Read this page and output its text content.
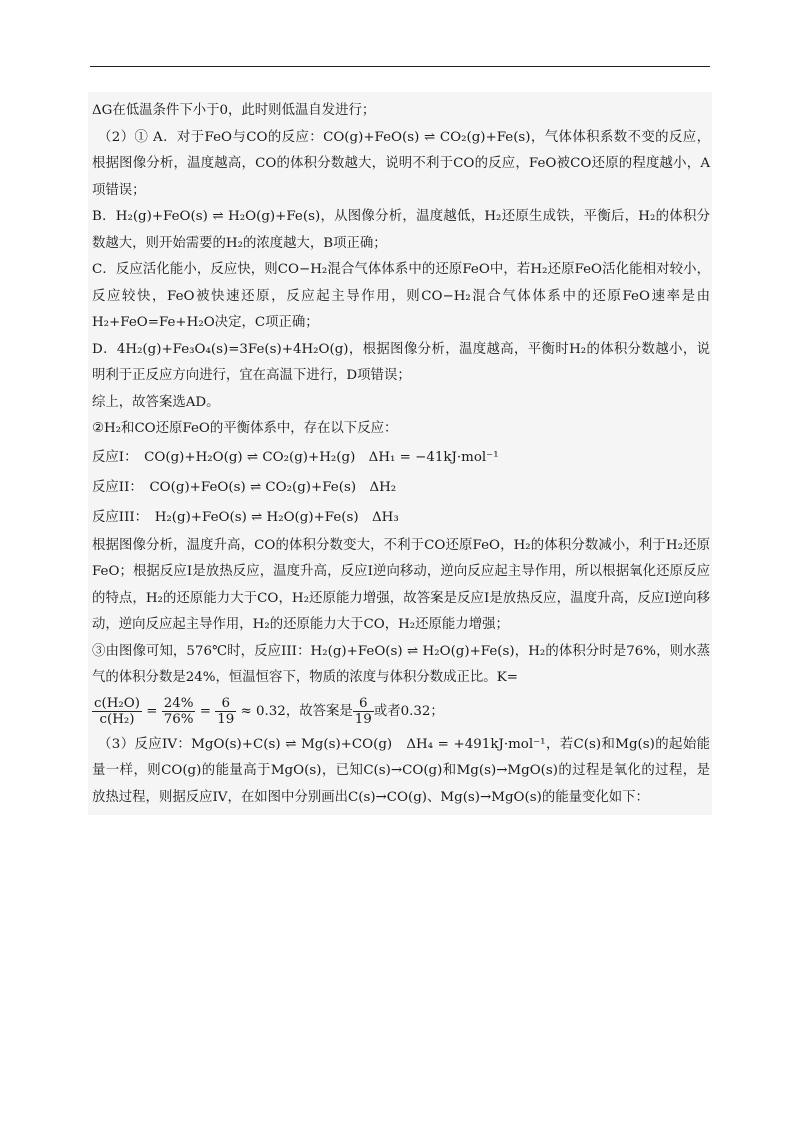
ΔG在低温条件下小于0，此时则低温自发进行；

（2）① A．对于FeO与CO的反应：CO(g)+FeO(s) ⇌ CO₂(g)+Fe(s)，气体体积系数不变的反应，根据图像分析，温度越高，CO的体积分数越大，说明不利于CO的反应，FeO被CO还原的程度越小，A项错误；

B．H₂(g)+FeO(s) ⇌ H₂O(g)+Fe(s)，从图像分析，温度越低，H₂还原生成铁，平衡后，H₂的体积分数越大，则开始需要的H₂的浓度越大，B项正确；

C．反应活化能小，反应快，则CO−H₂混合气体体系中的还原FeO中，若H₂还原FeO活化能相对较小，反应较快，FeO被快速还原，反应起主导作用，则CO−H₂混合气体体系中的还原FeO速率是由H₂+FeO=Fe+H₂O决定，C项正确；

D．4H₂(g)+Fe₃O₄(s)=3Fe(s)+4H₂O(g)，根据图像分析，温度越高，平衡时H₂的体积分数越小，说明利于正反应方向进行，宜在高温下进行，D项错误；

综上，故答案选AD。

②H₂和CO还原FeO的平衡体系中，存在以下反应：

反应I：　CO(g)+H₂O(g) ⇌ CO₂(g)+H₂(g)　ΔH₁ = −41kJ·mol⁻¹

反应II：　CO(g)+FeO(s) ⇌ CO₂(g)+Fe(s)　ΔH₂

反应III：　H₂(g)+FeO(s) ⇌ H₂O(g)+Fe(s)　ΔH₃

根据图像分析，温度升高，CO的体积分数变大，不利于CO还原FeO，H₂的体积分数减小，利于H₂还原FeO；根据反应I是放热反应，温度升高，反应I逆向移动，逆向反应起主导作用，所以根据氧化还原反应的特点，H₂的还原能力大于CO，H₂还原能力增强，故答案是反应I是放热反应，温度升高，反应I逆向移动，逆向反应起主导作用，H₂的还原能力大于CO，H₂还原能力增强；

③由图像可知，576℃时，反应III：H₂(g)+FeO(s) ⇌ H₂O(g)+Fe(s)，H₂的体积分时是76%，则水蒸气的体积分数是24%，恒温恒容下，物质的浓度与体积分数成正比。K=

$\frac{\text{c(H₂O)}}{\text{c(H₂)}} = \frac{24\%}{76\%} = \frac{6}{19} \approx 0.32$，故答案是 $\frac{6}{19}$ 或者0.32；

（3）反应IV：MgO(s)+C(s) ⇌ Mg(s)+CO(g)　ΔH₄ = +491kJ·mol⁻¹，若C(s)和Mg(s)的起始能量一样，则CO(g)的能量高于MgO(s)，已知C(s)→CO(g)和Mg(s)→MgO(s)的过程是氧化的过程，是放热过程，则据反应IV，在如图中分别画出C(s)→CO(g)、Mg(s)→MgO(s)的能量变化如下：
